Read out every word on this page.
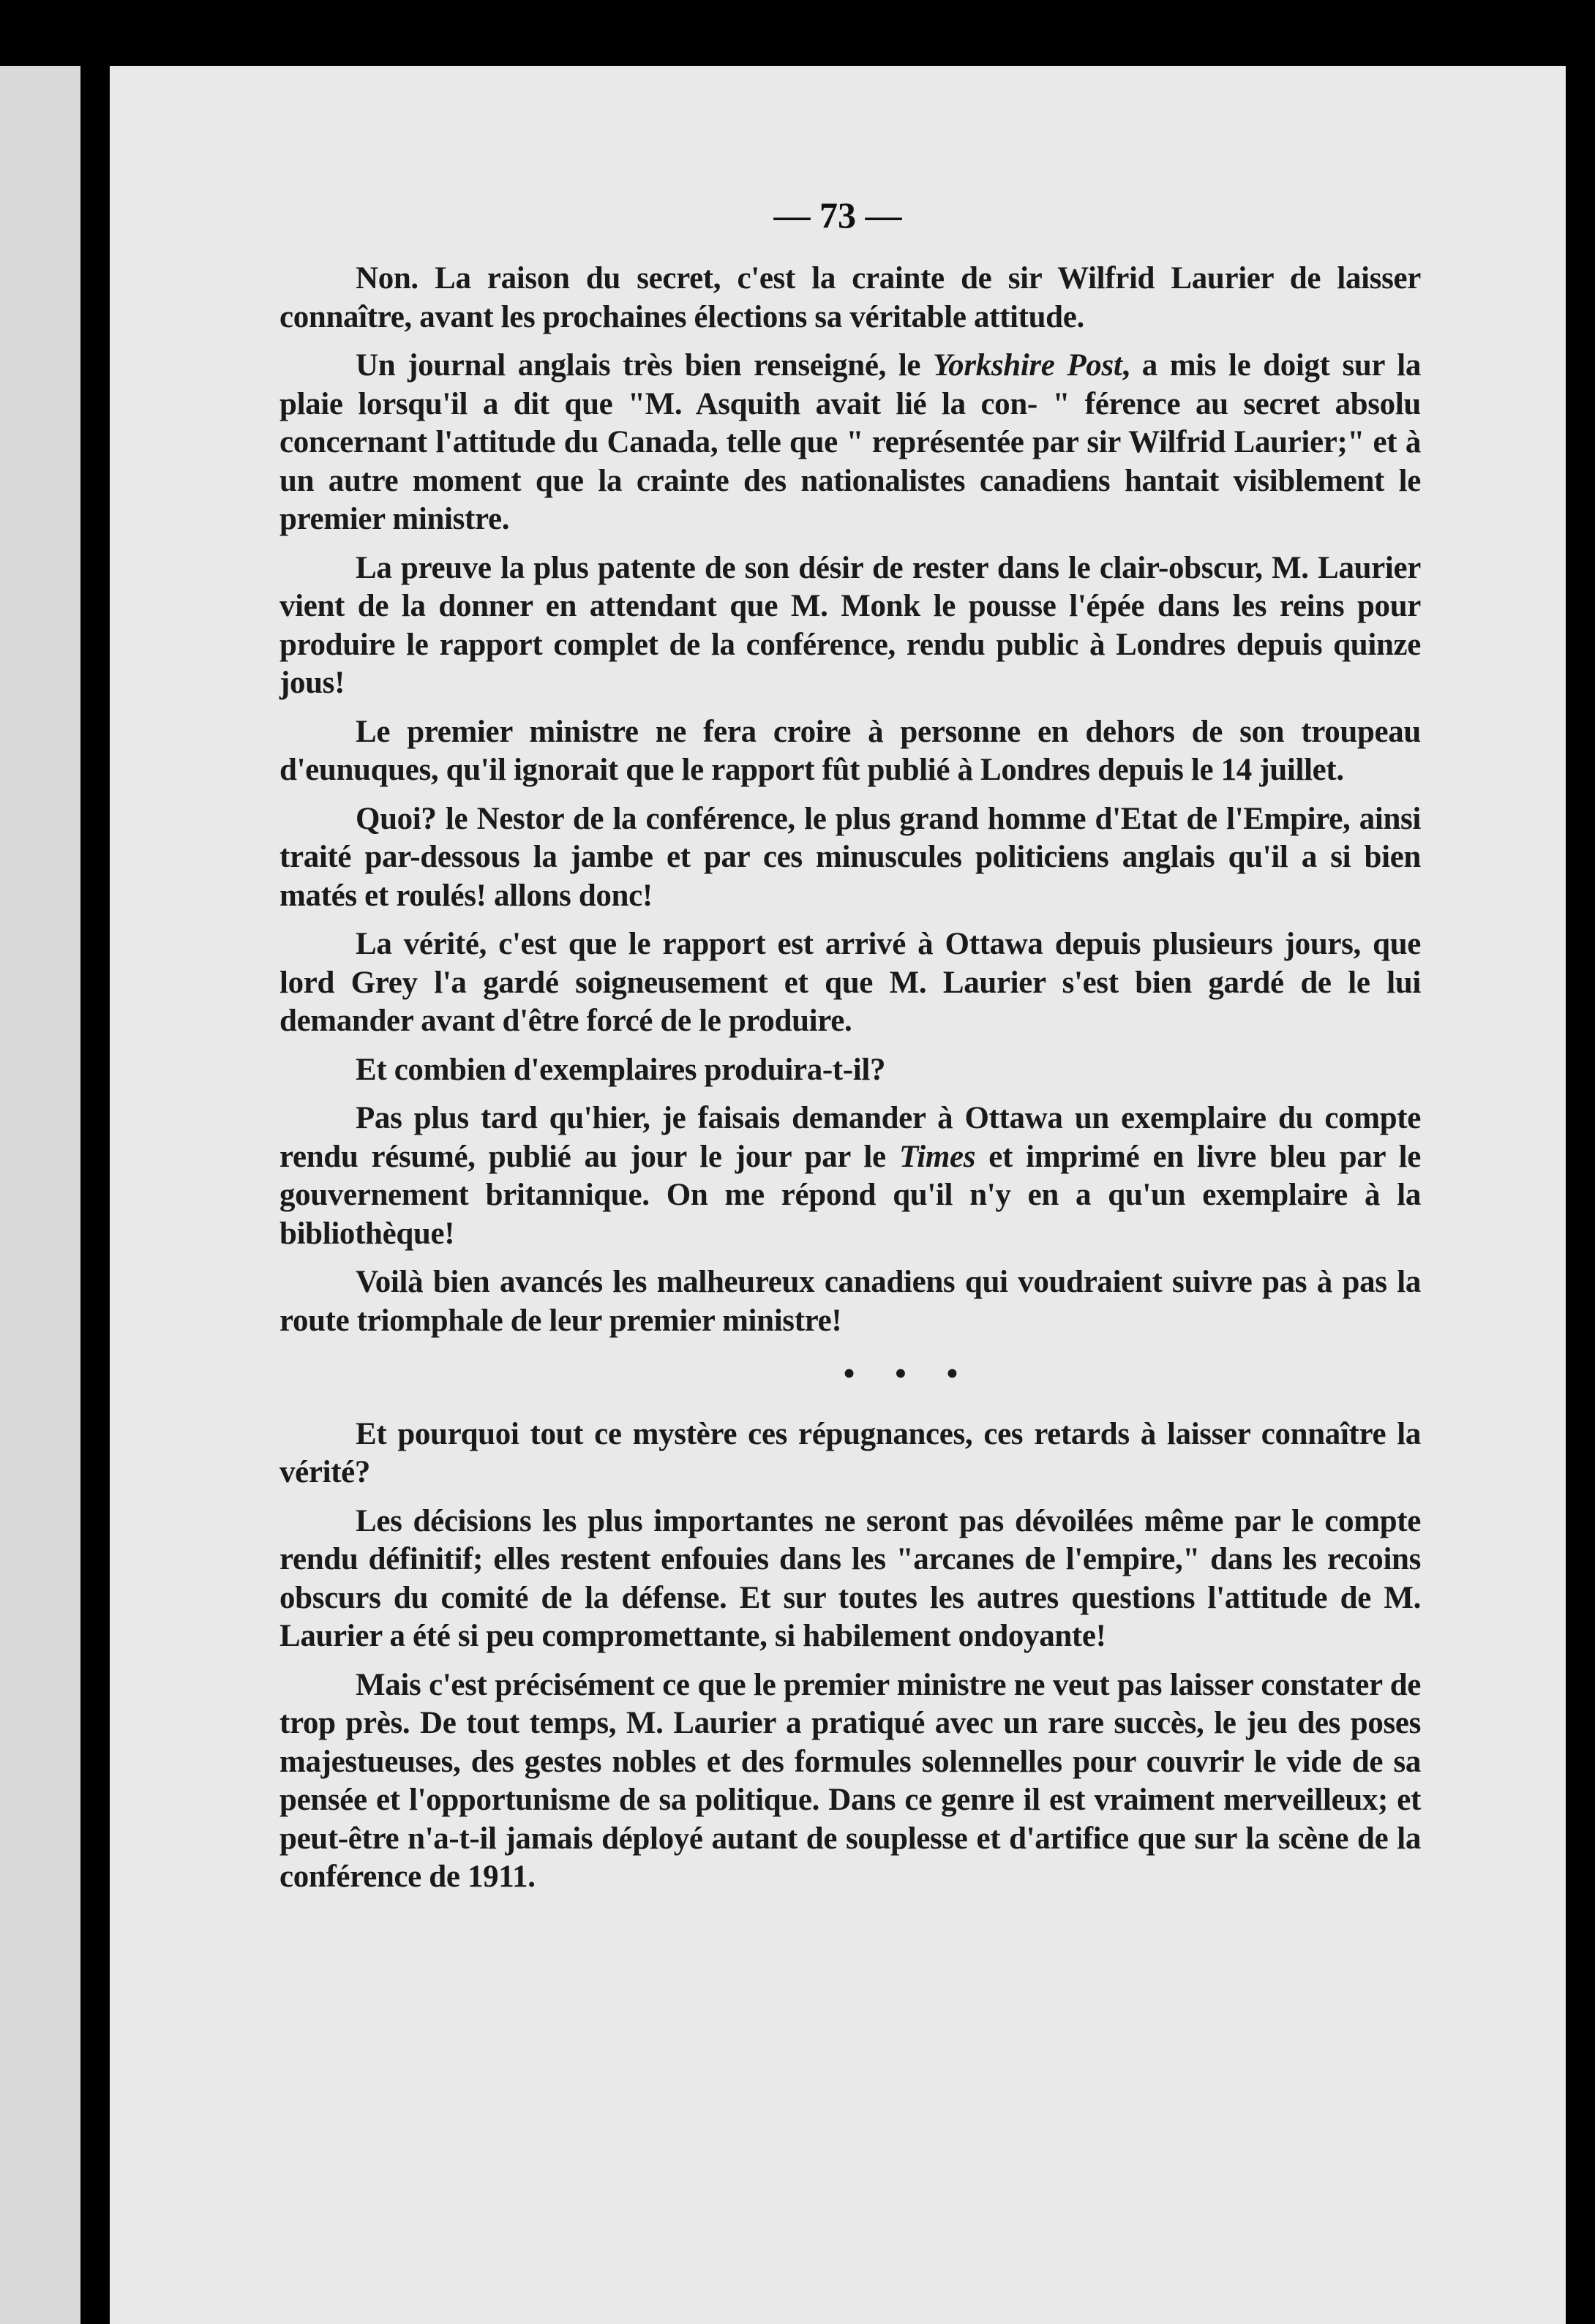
— 73 —

Non. La raison du secret, c'est la crainte de sir Wilfrid Laurier de laisser connaître, avant les prochaines élections sa véritable attitude.

Un journal anglais très bien renseigné, le Yorkshire Post, a mis le doigt sur la plaie lorsqu'il a dit que "M. Asquith avait lié la con- " férence au secret absolu concernant l'attitude du Canada, telle que " représentée par sir Wilfrid Laurier;" et à un autre moment que la crainte des nationalistes canadiens hantait visiblement le premier ministre.

La preuve la plus patente de son désir de rester dans le clair-obscur, M. Laurier vient de la donner en attendant que M. Monk le pousse l'épée dans les reins pour produire le rapport complet de la conférence, rendu public à Londres depuis quinze jous!

Le premier ministre ne fera croire à personne en dehors de son troupeau d'eunuques, qu'il ignorait que le rapport fût publié à Londres depuis le 14 juillet.

Quoi? le Nestor de la conférence, le plus grand homme d'Etat de l'Empire, ainsi traité par-dessous la jambe et par ces minuscules politiciens anglais qu'il a si bien matés et roulés! allons donc!

La vérité, c'est que le rapport est arrivé à Ottawa depuis plusieurs jours, que lord Grey l'a gardé soigneusement et que M. Laurier s'est bien gardé de le lui demander avant d'être forcé de le produire.

Et combien d'exemplaires produira-t-il?

Pas plus tard qu'hier, je faisais demander à Ottawa un exemplaire du compte rendu résumé, publié au jour le jour par le Times et imprimé en livre bleu par le gouvernement britannique. On me répond qu'il n'y en a qu'un exemplaire à la bibliothèque!

Voilà bien avancés les malheureux canadiens qui voudraient suivre pas à pas la route triomphale de leur premier ministre!

• • •

Et pourquoi tout ce mystère ces répugnances, ces retards à laisser connaître la vérité?

Les décisions les plus importantes ne seront pas dévoilées même par le compte rendu définitif; elles restent enfouies dans les "arcanes de l'empire," dans les recoins obscurs du comité de la défense. Et sur toutes les autres questions l'attitude de M. Laurier a été si peu compromettante, si habilement ondoyante!

Mais c'est précisément ce que le premier ministre ne veut pas laisser constater de trop près. De tout temps, M. Laurier a pratiqué avec un rare succès, le jeu des poses majestueuses, des gestes nobles et des formules solennelles pour couvrir le vide de sa pensée et l'opportunisme de sa politique. Dans ce genre il est vraiment merveilleux; et peut-être n'a-t-il jamais déployé autant de souplesse et d'artifice que sur la scène de la conférence de 1911.
